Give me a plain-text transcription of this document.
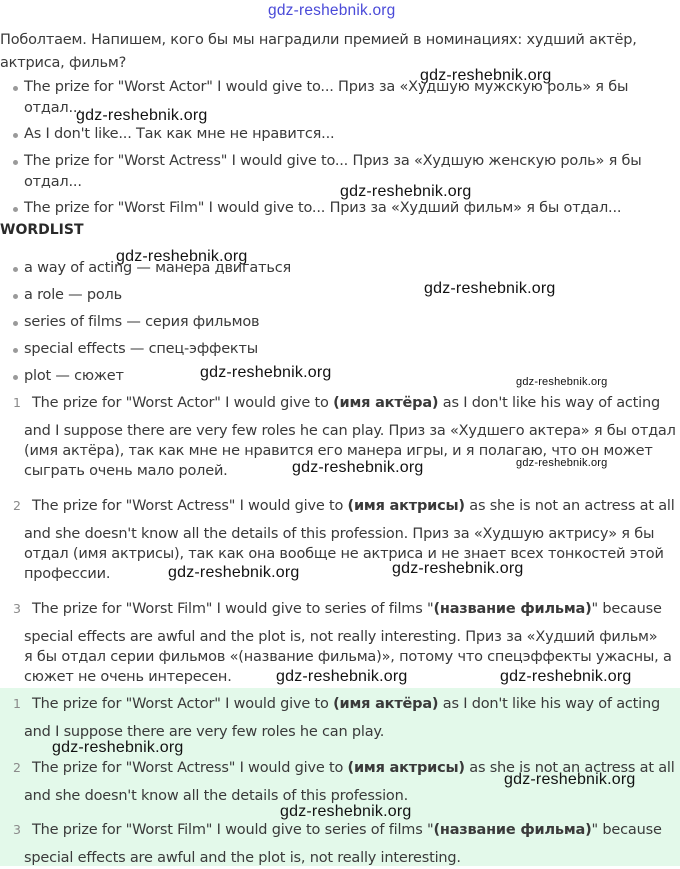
gdz-reshebnik.org
Поболтаем. Напишем, кого бы мы наградили премией в номинациях: худший актёр,
актриса, фильм?
The prize for "Worst Actor" I would give to... Приз за «Худшую мужскую роль» я бы
отдал...
As I don't like... Так как мне не нравится...
The prize for "Worst Actress" I would give to... Приз за «Худшую женскую роль» я бы
отдал...
The prize for "Worst Film" I would give to... Приз за «Худший фильм» я бы отдал...
WORDLIST
a way of acting — манера двигаться
a role — роль
series of films — серия фильмов
special effects — спец-эффекты
plot — сюжет
1 The prize for "Worst Actor" I would give to (имя актёра) as I don't like his way of acting
and I suppose there are very few roles he can play. Приз за «Худшего актера» я бы отдал
(имя актёра), так как мне не нравится его манера игры, и я полагаю, что он может
сыграть очень мало ролей.
2 The prize for "Worst Actress" I would give to (имя актрисы) as she is not an actress at all
and she doesn't know all the details of this profession. Приз за «Худшую актрису» я бы
отдал (имя актрисы), так как она вообще не актриса и не знает всех тонкостей этой
профессии.
3 The prize for "Worst Film" I would give to series of films "(название фильма)" because
special effects are awful and the plot is, not really interesting. Приз за «Худший фильм»
я бы отдал серии фильмов «(название фильма)», потому что спецэффекты ужасны, а
сюжет не очень интересен.
1 The prize for "Worst Actor" I would give to (имя актёра) as I don't like his way of acting
and I suppose there are very few roles he can play.
2 The prize for "Worst Actress" I would give to (имя актрисы) as she is not an actress at all
and she doesn't know all the details of this profession.
3 The prize for "Worst Film" I would give to series of films "(название фильма)" because
special effects are awful and the plot is, not really interesting.
gdz-reshebnik.org
gdz-reshebnik.org
gdz-reshebnik.org
gdz-reshebnik.org
gdz-reshebnik.org
gdz-reshebnik.org
gdz-reshebnik.org
gdz-reshebnik.org	gdz-reshebnik.org
gdz-reshebnik.org	gdz-reshebnik.org
gdz-reshebnik.org	gdz-reshebnik.org
gdz-reshebnik.org
gdz-reshebnik.org
gdz-reshebnik.org
